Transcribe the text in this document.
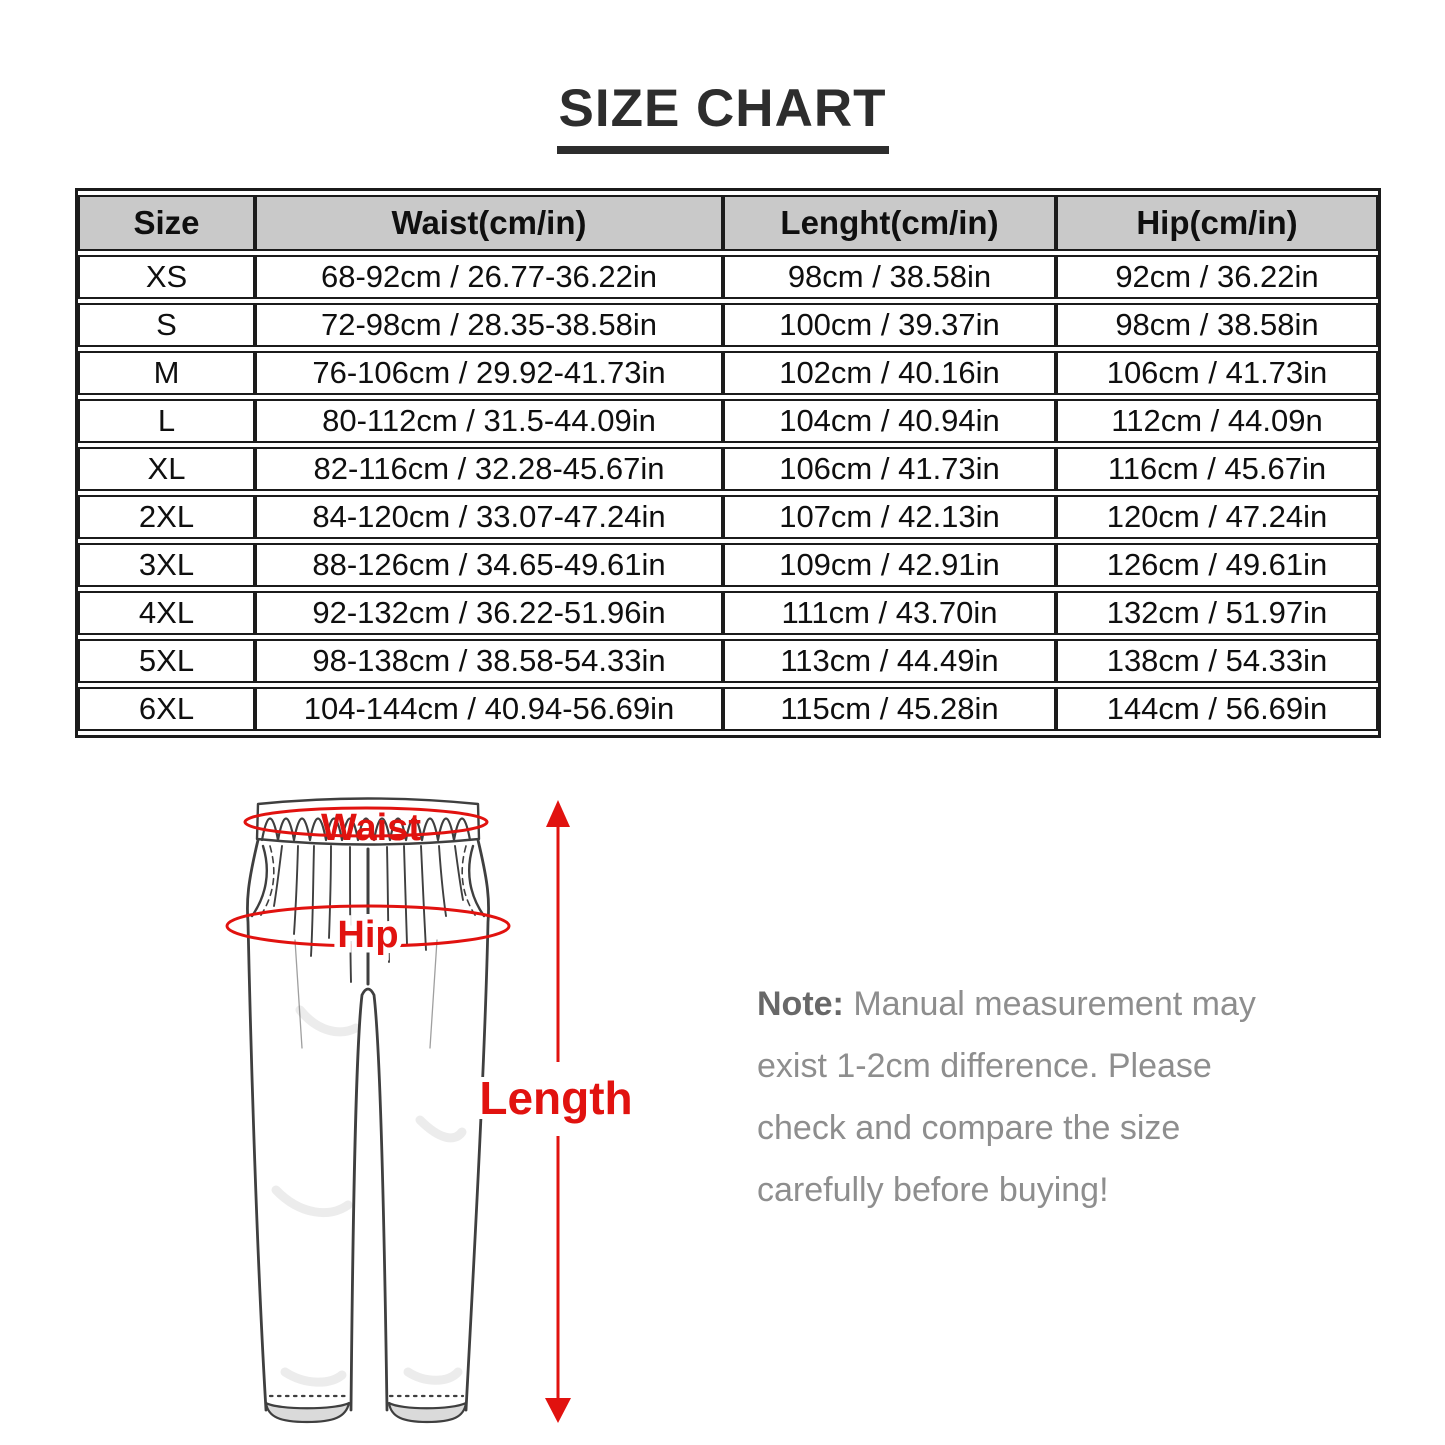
SIZE CHART
Size	Waist(cm/in)	Lenght(cm/in)	Hip(cm/in)
XS	68-92cm / 26.77-36.22in	98cm / 38.58in	92cm / 36.22in
S	72-98cm / 28.35-38.58in	100cm / 39.37in	98cm / 38.58in
M	76-106cm / 29.92-41.73in	102cm / 40.16in	106cm / 41.73in
L	80-112cm / 31.5-44.09in	104cm / 40.94in	112cm / 44.09n
XL	82-116cm / 32.28-45.67in	106cm / 41.73in	116cm / 45.67in
2XL	84-120cm / 33.07-47.24in	107cm / 42.13in	120cm / 47.24in
3XL	88-126cm / 34.65-49.61in	109cm / 42.91in	126cm / 49.61in
4XL	92-132cm / 36.22-51.96in	111cm / 43.70in	132cm / 51.97in
5XL	98-138cm / 38.58-54.33in	113cm / 44.49in	138cm / 54.33in
6XL	104-144cm / 40.94-56.69in	115cm / 45.28in	144cm / 56.69in
Waist
Hip
Length
Note: Manual measurement may exist 1-2cm difference. Please check and compare the size carefully before buying!
